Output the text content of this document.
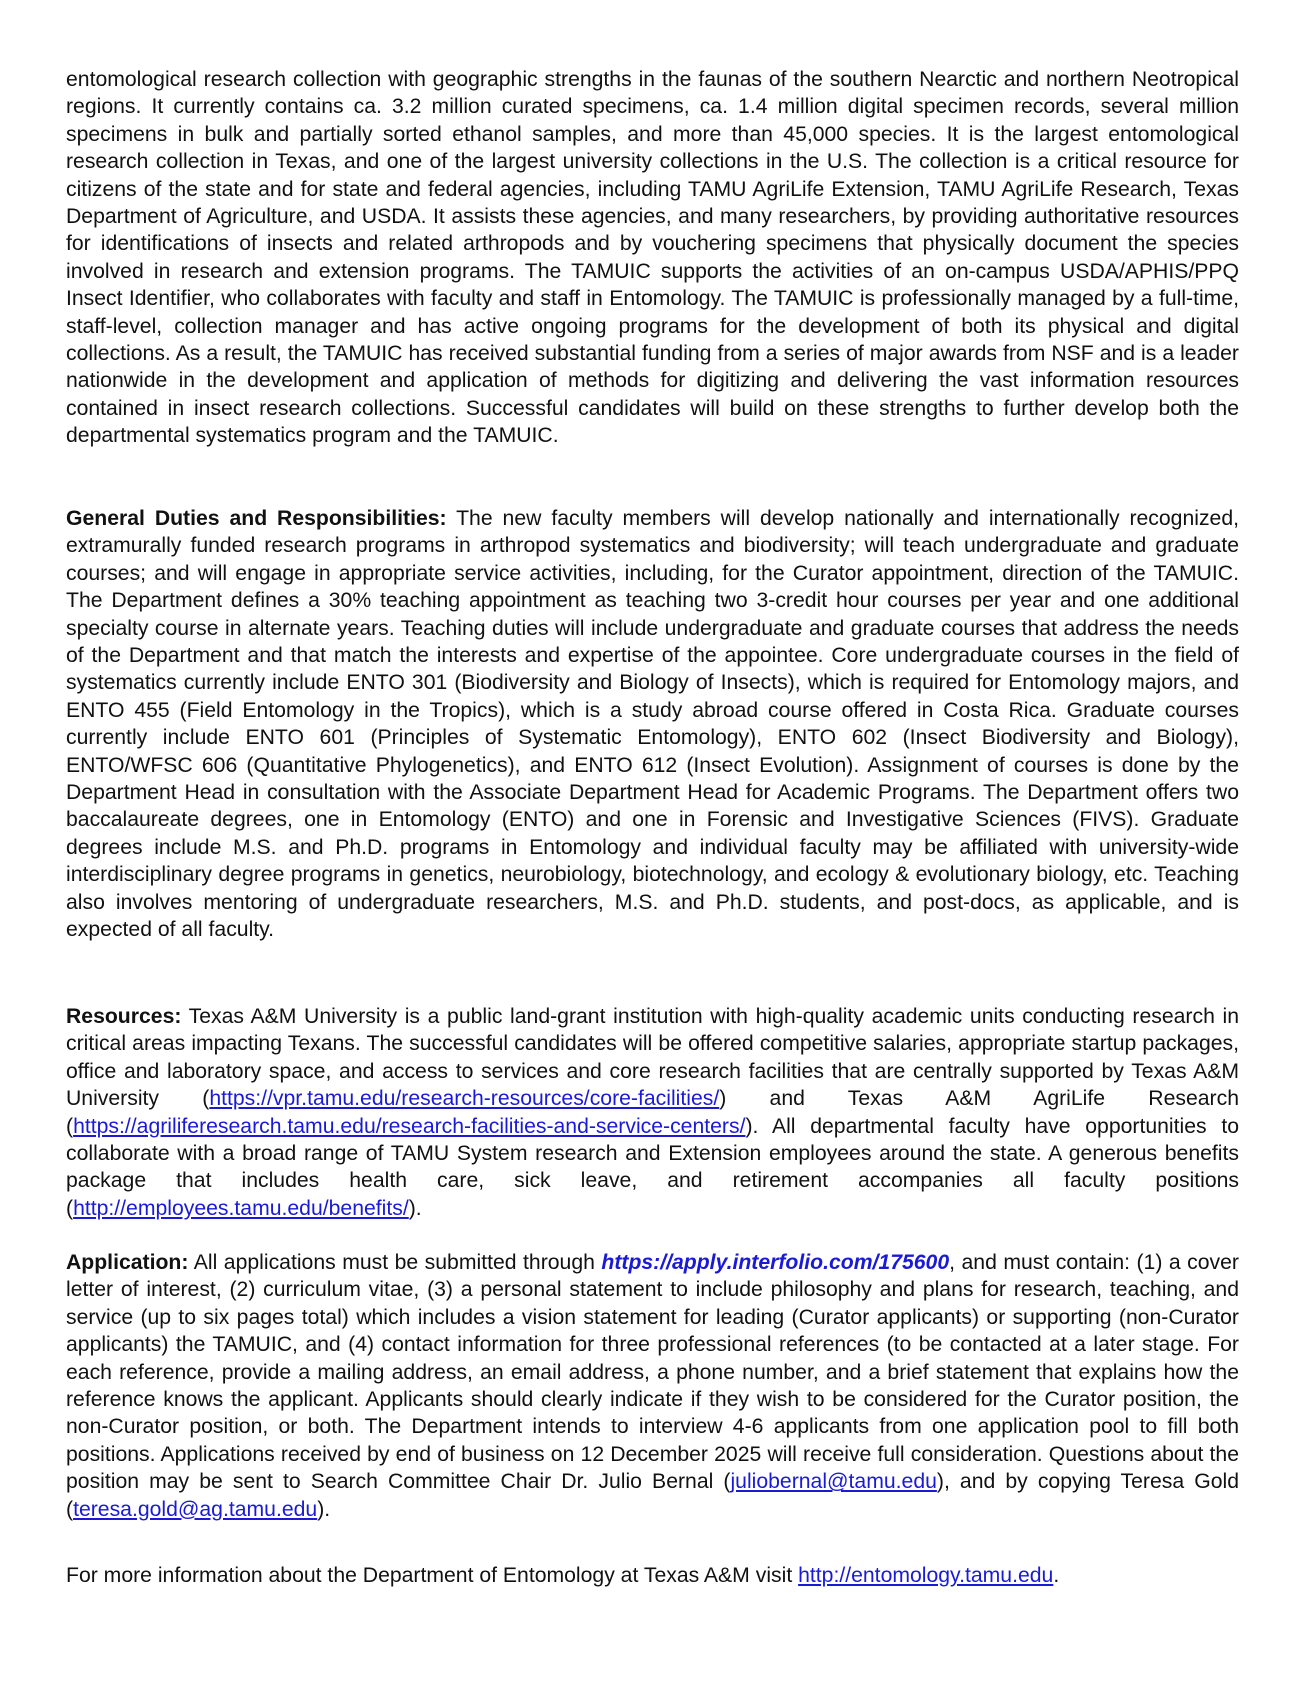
entomological research collection with geographic strengths in the faunas of the southern Nearctic and northern Neotropical regions. It currently contains ca. 3.2 million curated specimens, ca. 1.4 million digital specimen records, several million specimens in bulk and partially sorted ethanol samples, and more than 45,000 species. It is the largest entomological research collection in Texas, and one of the largest university collections in the U.S. The collection is a critical resource for citizens of the state and for state and federal agencies, including TAMU AgriLife Extension, TAMU AgriLife Research, Texas Department of Agriculture, and USDA. It assists these agencies, and many researchers, by providing authoritative resources for identifications of insects and related arthropods and by vouchering specimens that physically document the species involved in research and extension programs. The TAMUIC supports the activities of an on-campus USDA/APHIS/PPQ Insect Identifier, who collaborates with faculty and staff in Entomology. The TAMUIC is professionally managed by a full-time, staff-level, collection manager and has active ongoing programs for the development of both its physical and digital collections. As a result, the TAMUIC has received substantial funding from a series of major awards from NSF and is a leader nationwide in the development and application of methods for digitizing and delivering the vast information resources contained in insect research collections. Successful candidates will build on these strengths to further develop both the departmental systematics program and the TAMUIC.

General Duties and Responsibilities: The new faculty members will develop nationally and internationally recognized, extramurally funded research programs in arthropod systematics and biodiversity; will teach undergraduate and graduate courses; and will engage in appropriate service activities, including, for the Curator appointment, direction of the TAMUIC. The Department defines a 30% teaching appointment as teaching two 3-credit hour courses per year and one additional specialty course in alternate years. Teaching duties will include undergraduate and graduate courses that address the needs of the Department and that match the interests and expertise of the appointee. Core undergraduate courses in the field of systematics currently include ENTO 301 (Biodiversity and Biology of Insects), which is required for Entomology majors, and ENTO 455 (Field Entomology in the Tropics), which is a study abroad course offered in Costa Rica. Graduate courses currently include ENTO 601 (Principles of Systematic Entomology), ENTO 602 (Insect Biodiversity and Biology), ENTO/WFSC 606 (Quantitative Phylogenetics), and ENTO 612 (Insect Evolution). Assignment of courses is done by the Department Head in consultation with the Associate Department Head for Academic Programs. The Department offers two baccalaureate degrees, one in Entomology (ENTO) and one in Forensic and Investigative Sciences (FIVS). Graduate degrees include M.S. and Ph.D. programs in Entomology and individual faculty may be affiliated with university-wide interdisciplinary degree programs in genetics, neurobiology, biotechnology, and ecology & evolutionary biology, etc. Teaching also involves mentoring of undergraduate researchers, M.S. and Ph.D. students, and post-docs, as applicable, and is expected of all faculty.

Resources: Texas A&M University is a public land-grant institution with high-quality academic units conducting research in critical areas impacting Texans. The successful candidates will be offered competitive salaries, appropriate startup packages, office and laboratory space, and access to services and core research facilities that are centrally supported by Texas A&M University (https://vpr.tamu.edu/research-resources/core-facilities/) and Texas A&M AgriLife Research (https://agriliferesearch.tamu.edu/research-facilities-and-service-centers/). All departmental faculty have opportunities to collaborate with a broad range of TAMU System research and Extension employees around the state. A generous benefits package that includes health care, sick leave, and retirement accompanies all faculty positions (http://employees.tamu.edu/benefits/).

Application: All applications must be submitted through https://apply.interfolio.com/175600, and must contain: (1) a cover letter of interest, (2) curriculum vitae, (3) a personal statement to include philosophy and plans for research, teaching, and service (up to six pages total) which includes a vision statement for leading (Curator applicants) or supporting (non-Curator applicants) the TAMUIC, and (4) contact information for three professional references (to be contacted at a later stage. For each reference, provide a mailing address, an email address, a phone number, and a brief statement that explains how the reference knows the applicant. Applicants should clearly indicate if they wish to be considered for the Curator position, the non-Curator position, or both. The Department intends to interview 4-6 applicants from one application pool to fill both positions. Applications received by end of business on 12 December 2025 will receive full consideration. Questions about the position may be sent to Search Committee Chair Dr. Julio Bernal (juliobernal@tamu.edu), and by copying Teresa Gold (teresa.gold@ag.tamu.edu).

For more information about the Department of Entomology at Texas A&M visit http://entomology.tamu.edu.
